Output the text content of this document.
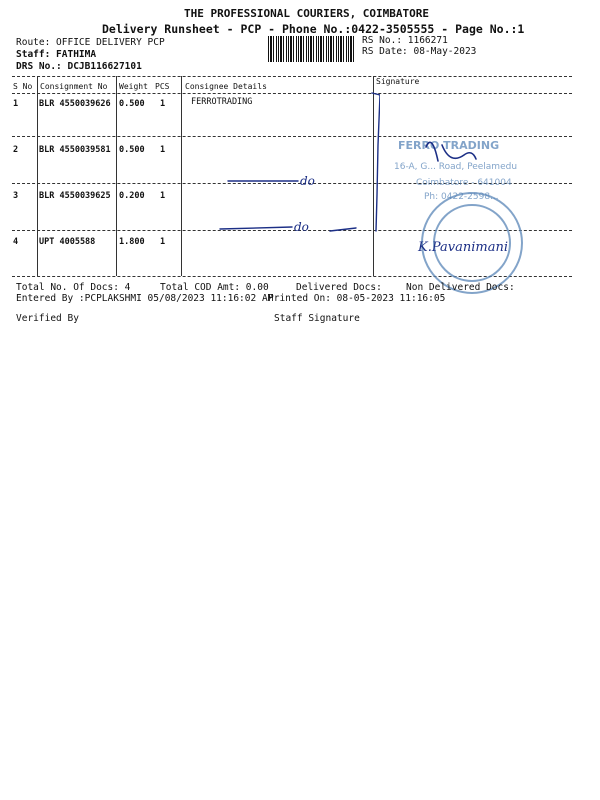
THE PROFESSIONAL COURIERS, COIMBATORE
Delivery Runsheet - PCP - Phone No.:0422-3505555 - Page No.:1
Route: OFFICE DELIVERY PCP
Staff: FATHIMA
DRS No.: DCJB116627101
RS No.: 1166271
RS Date: 08-May-2023
S No Consignment No Weight PCS Consignee Details
Signature
1 BLR 4550039626 0.500 1	FERROTRADING
2 BLR 4550039581 0.500 1
3 BLR 4550039625 0.200 1
4 UPT 4005588	1.800 1
do
do
FERRO TRADING
16-A, G... Road, Peelamedu
Coimbatore - 641004
Ph: 0422-2598...
K.Pavanimani
Total No. Of Docs: 4	Total COD Amt: 0.00	Delivered Docs:	Non Delivered Docs:
Entered By :PCPLAKSHMI 05/08/2023 11:16:02 AM
Printed On: 08-05-2023 11:16:05
Verified By	Staff Signature
